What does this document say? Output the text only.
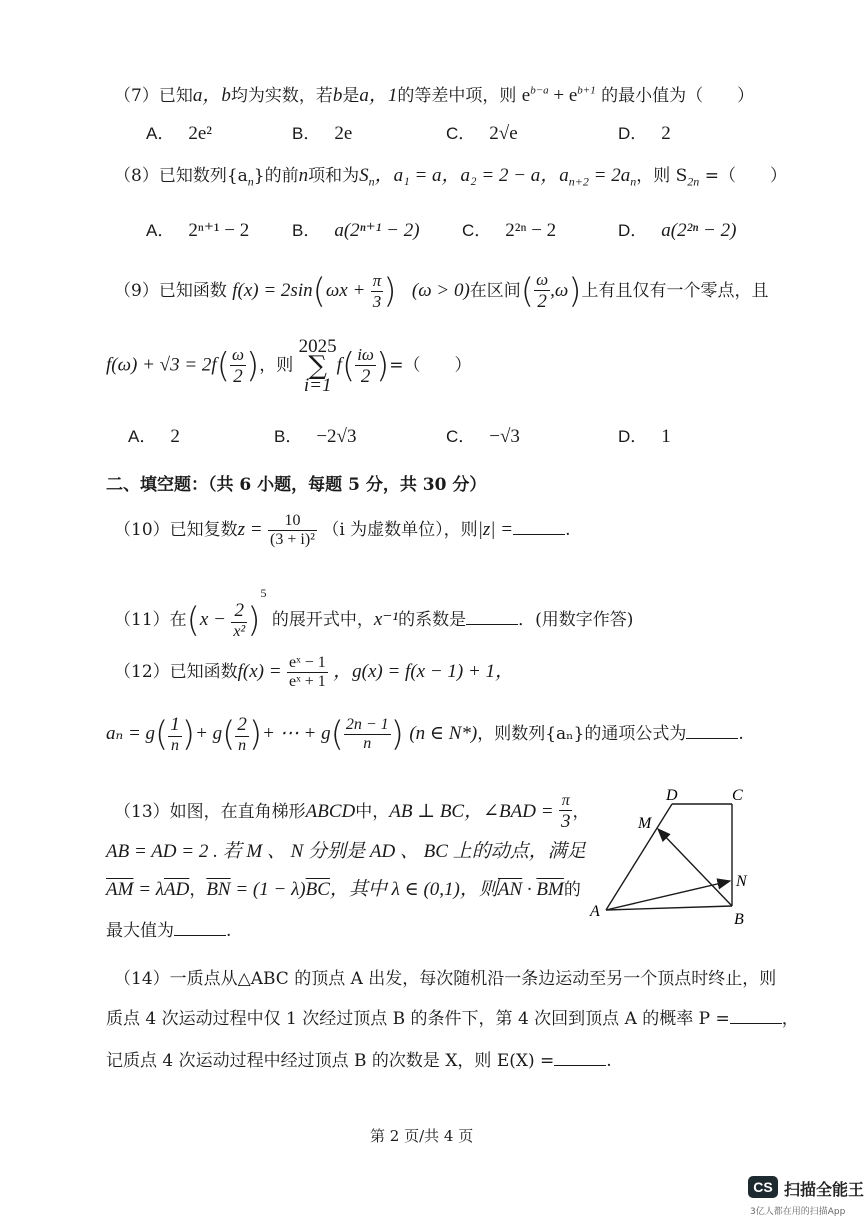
（7）已知a，b均为实数，若b是a，1的等差中项，则 $e^{b-a} + e^{b+1}$ 的最小值为（　　）
A． 2e²	B． 2e	C． 2√e	D． 2
（8）已知数列$\{a_n\}$的前n项和为$S_n$，a₁ = a，a₂ = 2 − a，$a_{n+2} = 2a_n$，则 $S_{2n}$ =（　　）
A． 2ⁿ⁺¹ − 2	B． a(2ⁿ⁺¹ − 2) C． 2²ⁿ − 2	D． a(2²ⁿ − 2)
（9）已知函数 $f(x) = 2\sin(\omega x + \frac{\pi}{3}$ ) (ω > 0)在区间( $\frac{\omega}{2} ,\omega$)上有且仅有一个零点，且
$f(\omega) + √3 = 2f( \frac{\omega}{2}$ )，则
2025
∑
i=1
$f( \frac{i\omega}{2}$ )=（　　）
A． 2	B． −2√3	C． −√3	D． 1
二、填空题：（共 6 小题，每题 5 分，共 30 分）
（10）已知复数$z = \frac{10}{\text{(3 + i)²}} (i$ 为虚数单位），则|z| =	.
（11）在$(x - \frac{2}{\text{x²}} )^5$ 的展开式中，x⁻¹的系数是	．(用数字作答)
（12）已知函数$f(x) = \frac{\text{eˣ − 1}}{\text{eˣ + 1}}$ ，g(x) = f(x − 1) + 1，
$a_n = g( \frac{1}{n}$ )+ $g( \frac{2}{n}$ )+ ⋯ + $g( \frac{2n - 1}{n}$ ) (n ∈ N*)，则数列{aₙ}的通项公式为	.
（13）如图，在直角梯形ABCD中，AB ⊥ BC，∠BAD = $\frac{\pi}{3}$ ，
AB = AD = 2 . 若 M 、 N 分别是 AD 、 BC 上的动点，满足
$\overline{AM} = \lambda\overline{AD}$，$\overline{BN} = (1 - \lambda)\overline{BC}$，其中 λ ∈ (0,1)，则$\overline{AN} \cdot \overline{BM}$的
最大值为	.
A	B
C
D
M
N
（14）一质点从△ABC 的顶点 A 出发，每次随机沿一条边运动至另一个顶点时终止，则
质点 4 次运动过程中仅 1 次经过顶点 B 的条件下，第 4 次回到顶点 A 的概率 P =	，
记质点 4 次运动过程中经过顶点 B 的次数是 X，则 E(X) =	.
第 2 页/共 4 页
CS 扫描全能王
3亿人都在用的扫描App
